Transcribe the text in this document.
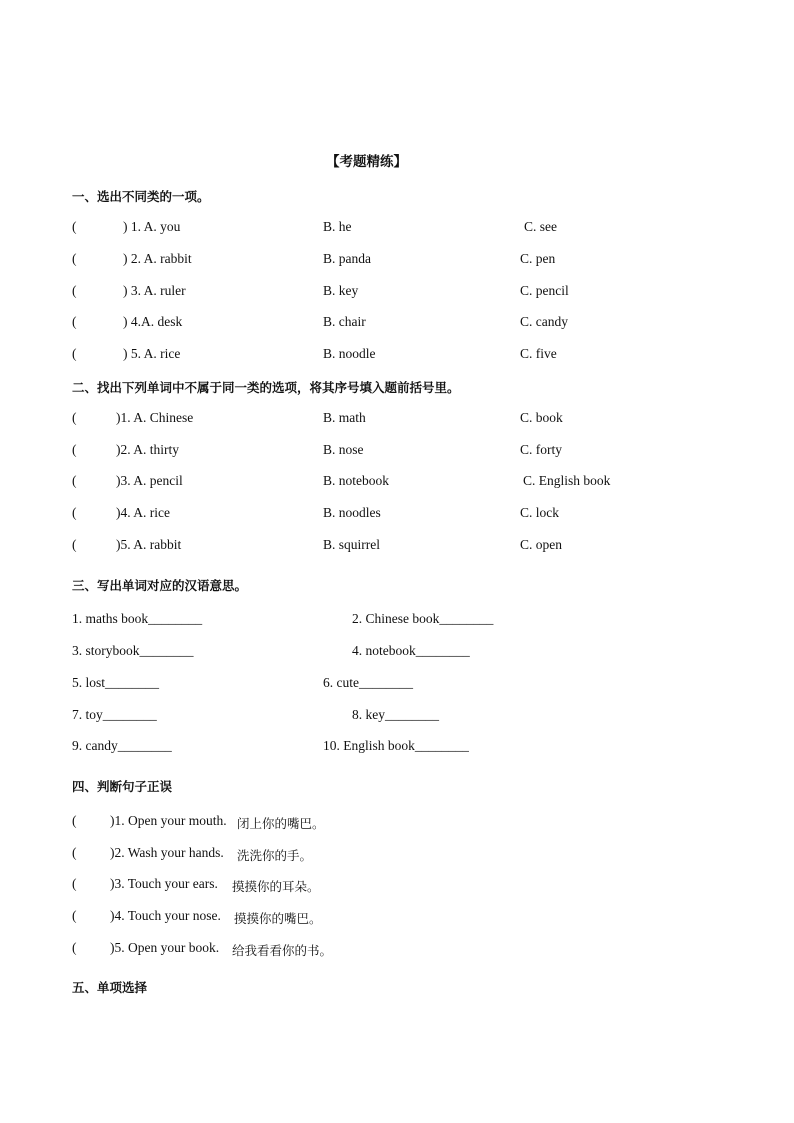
【考题精练】
一、选出不同类的一项。
(	) 1. A. you	B. he	C. see
(	) 2. A. rabbit	B. panda	C. pen
(	) 3. A. ruler	B. key	C. pencil
(	) 4.A. desk	B. chair	C. candy
(	) 5. A. rice	B. noodle	C. five
二、找出下列单词中不属于同一类的选项，将其序号填入题前括号里。
(	)1. A. Chinese	B. math	C. book
(	)2. A. thirty	B. nose	C. forty
(	)3. A. pencil	B. notebook	C. English book
(	)4. A. rice	B. noodles	C. lock
(	)5. A. rabbit	B. squirrel	C. open
三、写出单词对应的汉语意思。
1. maths book________	2. Chinese book________
3. storybook________	4. notebook________
5. lost________	6. cute________
7. toy________	8. key________
9. candy________	10. English book________
四、判断句子正误
( )1. Open your mouth. 闭上你的嘴巴。
( )2. Wash your hands. 洗洗你的手。
( )3. Touch your ears. 摸摸你的耳朵。
( )4. Touch your nose. 摸摸你的嘴巴。
( )5. Open your book. 给我看看你的书。
五、单项选择
